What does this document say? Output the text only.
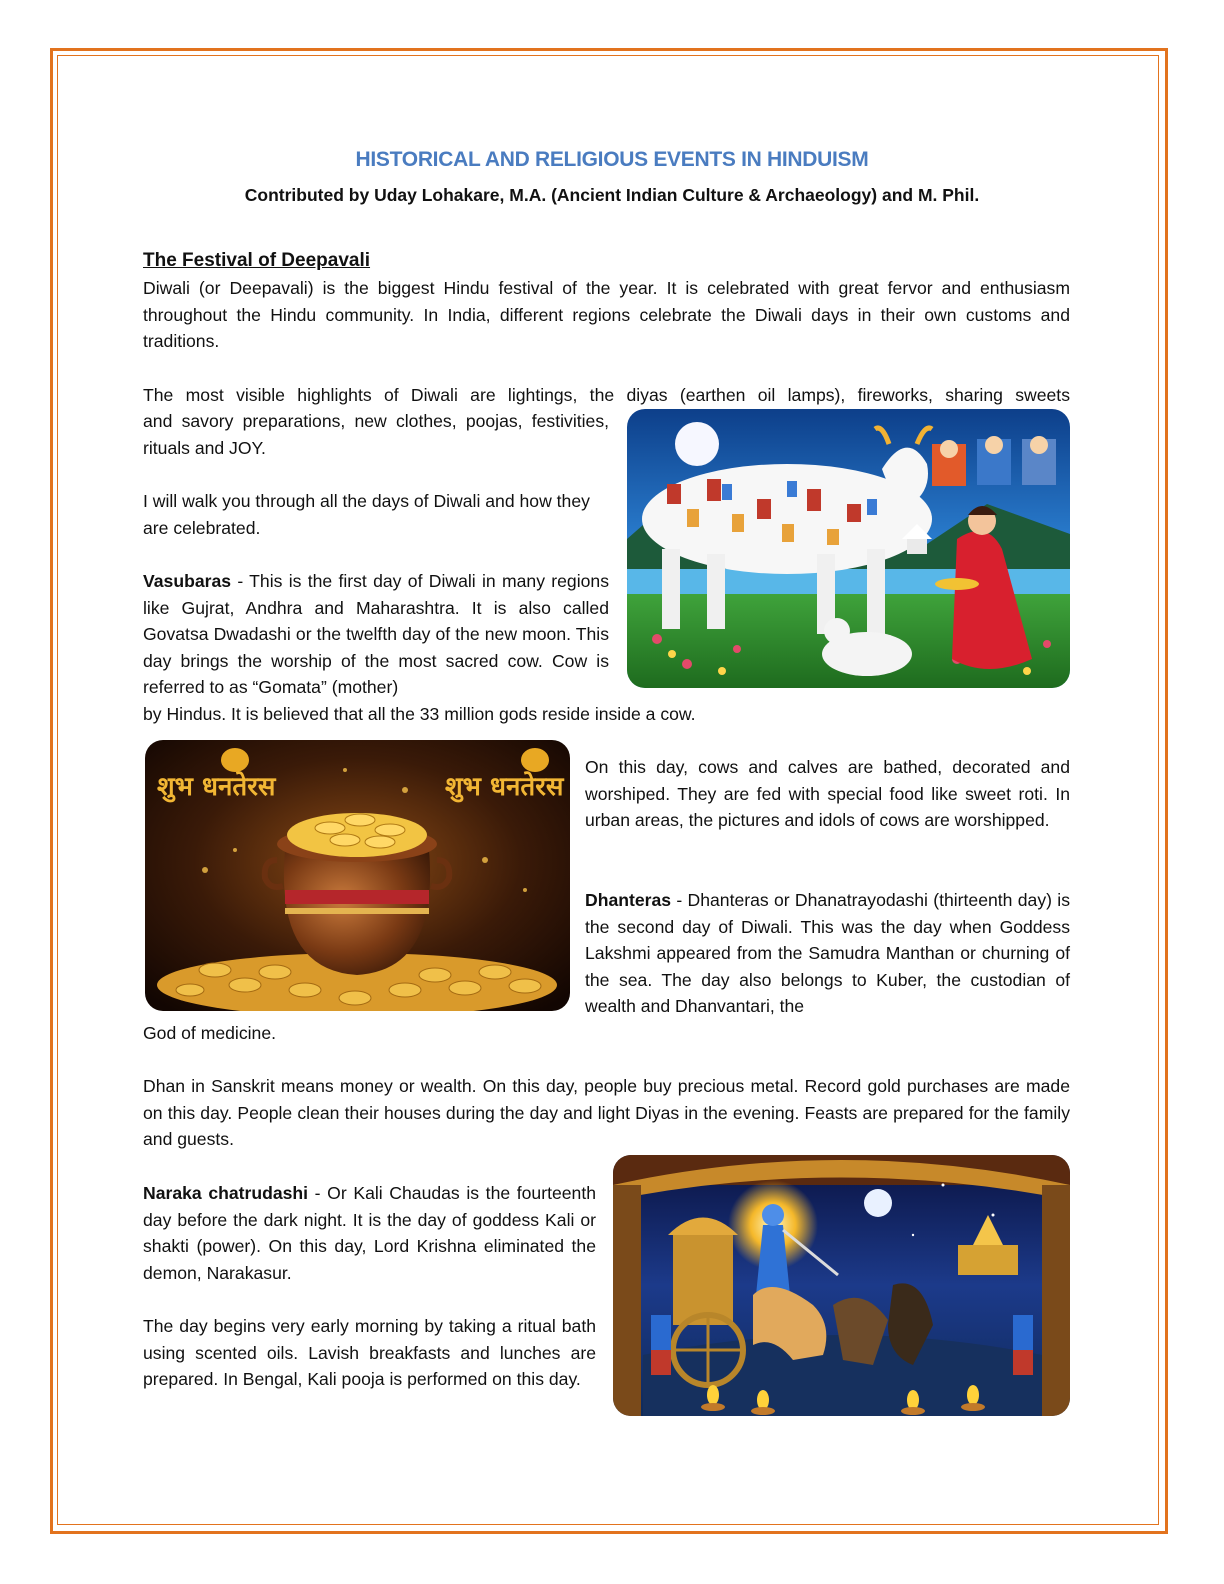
HISTORICAL AND RELIGIOUS EVENTS IN HINDUISM
Contributed by Uday Lohakare, M.A. (Ancient Indian Culture & Archaeology) and M. Phil.
The Festival of Deepavali

Diwali (or Deepavali) is the biggest Hindu festival of the year. It is celebrated with great fervor and enthusiasm throughout the Hindu community. In India, different regions celebrate the Diwali days in their own customs and traditions.

The most visible highlights of Diwali are lightings, the diyas (earthen oil lamps), fireworks, sharing sweets

and savory preparations, new clothes, poojas, festivities, rituals and JOY.

I will walk you through all the days of Diwali and how they are celebrated.

Vasubaras - This is the first day of Diwali in many regions like Gujrat, Andhra and Maharashtra. It is also called Govatsa Dwadashi or the twelfth day of the new moon. This day brings the worship of the most sacred cow. Cow is referred to as “Gomata” (mother)

by Hindus. It is believed that all the 33 million gods reside inside a cow.

On this day, cows and calves are bathed, decorated and worshiped. They are fed with special food like sweet roti. In urban areas, the pictures and idols of cows are worshipped.

Dhanteras - Dhanteras or Dhanatrayodashi (thirteenth day) is the second day of Diwali. This was the day when Goddess Lakshmi appeared from the Samudra Manthan or churning of the sea. The day also belongs to Kuber, the custodian of wealth and Dhanvantari, the

God of medicine.

Dhan in Sanskrit means money or wealth. On this day, people buy precious metal. Record gold purchases are made on this day. People clean their houses during the day and light Diyas in the evening. Feasts are prepared for the family and guests.

Naraka chatrudashi - Or Kali Chaudas is the fourteenth day before the dark night. It is the day of goddess Kali or shakti (power). On this day, Lord Krishna eliminated the demon, Narakasur.

The day begins very early morning by taking a ritual bath using scented oils. Lavish breakfasts and lunches are prepared. In Bengal, Kali pooja is performed on this day.

शुभ धनतेरस	शुभ धनतेरस
